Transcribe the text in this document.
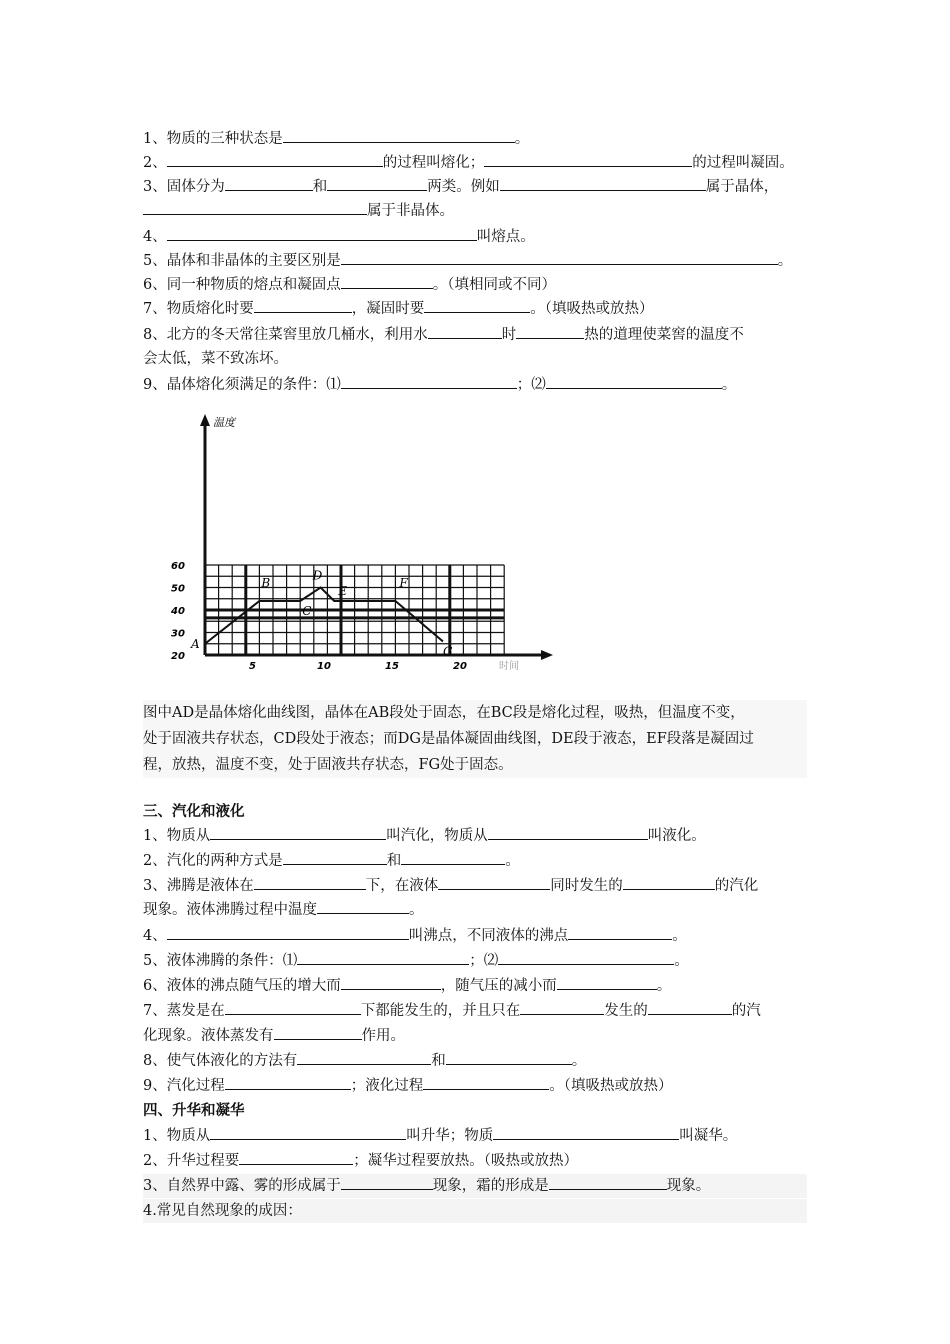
1、物质的三种状态是	。
2、	的过程叫熔化；	的过程叫凝固。
3、固体分为	和	两类。例如	属于晶体，
属于非晶体。
4、	叫熔点。
5、晶体和非晶体的主要区别是	。
6、同一种物质的熔点和凝固点	。（填相同或不同）
7、物质熔化时要	，凝固时要	。（填吸热或放热）
8、北方的冬天常往菜窖里放几桶水，利用水	时	热的道理使菜窖的温度不
会太低，菜不致冻坏。
9、晶体熔化须满足的条件：⑴	；⑵	。
温度
时间
60
50
40
30
20
5	10	15	20
A
B
C
D
E
F
G
图中AD是晶体熔化曲线图，晶体在AB段处于固态，在BC段是熔化过程，吸热，但温度不变，
处于固液共存状态，CD段处于液态；而DG是晶体凝固曲线图，DE段于液态，EF段落是凝固过
程，放热，温度不变，处于固液共存状态，FG处于固态。
三、汽化和液化
1、物质从	叫汽化，物质从	叫液化。
2、汽化的两种方式是	和	。
3、沸腾是液体在	下，在液体	同时发生的	的汽化
现象。液体沸腾过程中温度	。
4、	叫沸点，不同液体的沸点	。
5、液体沸腾的条件：⑴	；⑵	。
6、液体的沸点随气压的增大而	，随气压的减小而	。
7、蒸发是在	下都能发生的，并且只在	发生的	的汽
化现象。液体蒸发有	作用。
8、使气体液化的方法有	和	。
9、汽化过程	；液化过程	。（填吸热或放热）
四、升华和凝华
1、物质从	叫升华；物质	叫凝华。
2、升华过程要	；凝华过程要放热。（吸热或放热）
3、自然界中露、雾的形成属于	现象，霜的形成是	现象。
4.常见自然现象的成因：
